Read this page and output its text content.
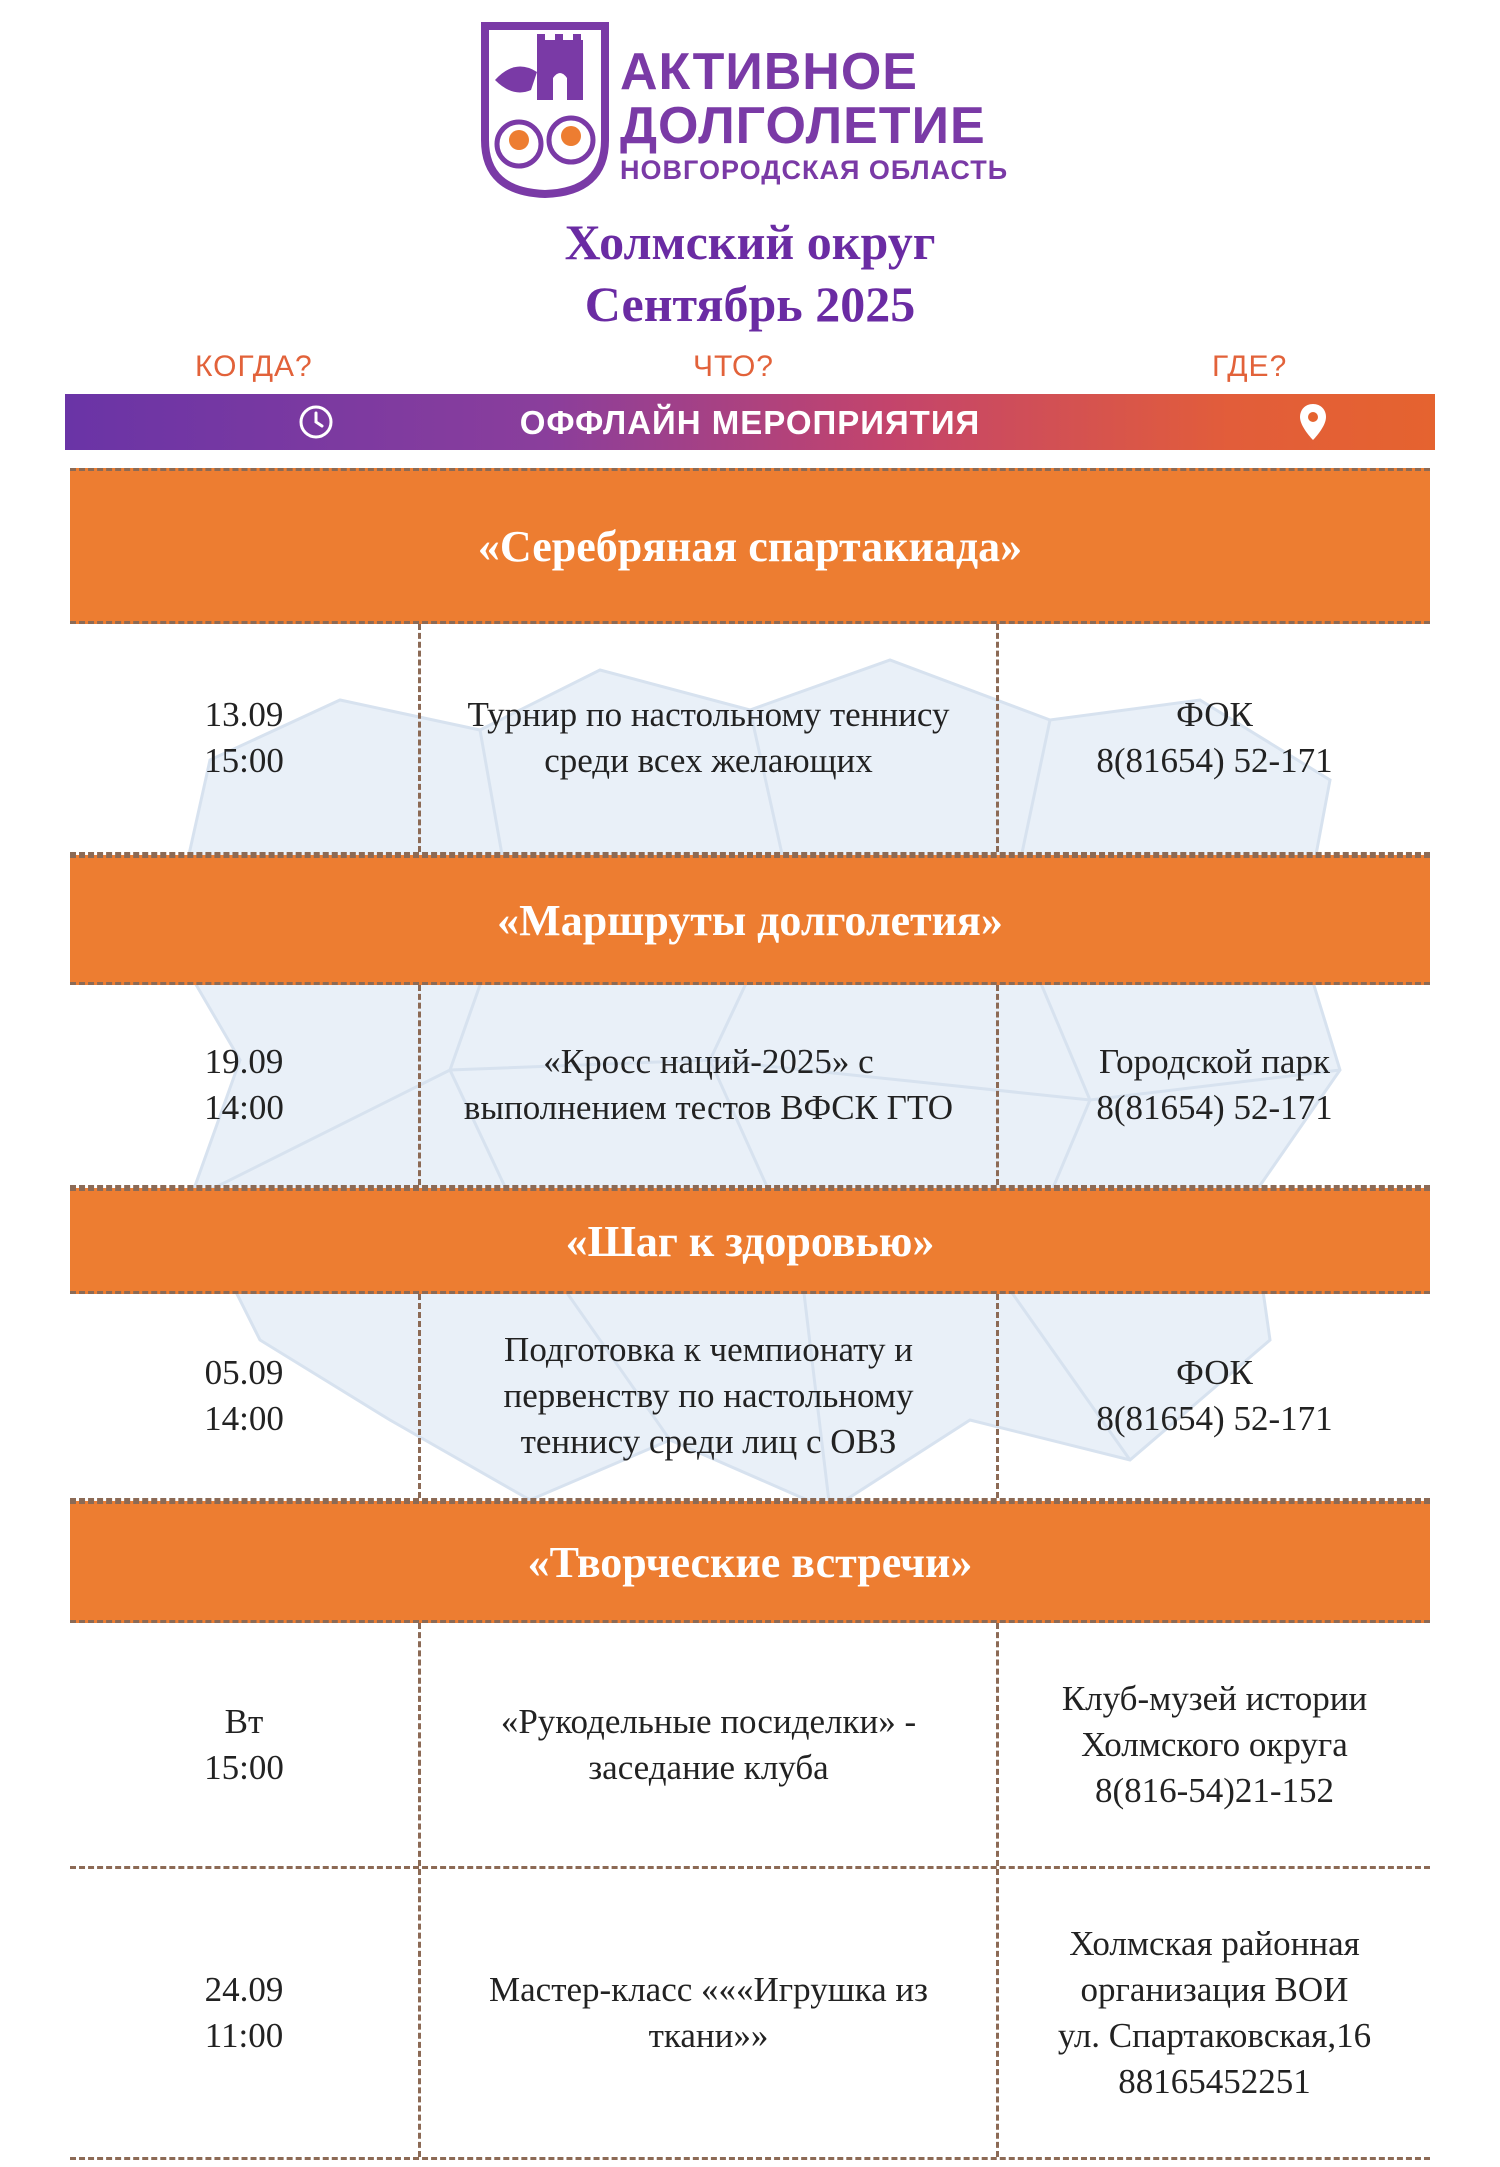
АКТИВНОЕ
ДОЛГОЛЕТИЕ
НОВГОРОДСКАЯ ОБЛАСТЬ
Холмский округ
Сентябрь 2025
КОГДА?	ЧТО?	ГДЕ?
ОФФЛАЙН МЕРОПРИЯТИЯ
«Серебряная спартакиада»
13.09
15:00
Турнир по настольному теннису
среди всех желающих
ФОК
8(81654) 52-171
«Маршруты долголетия»
19.09
14:00
«Кросс наций-2025» с
выполнением тестов ВФСК ГТО
Городской парк
8(81654) 52-171
«Шаг к здоровью»
05.09
14:00
Подготовка к чемпионату и
первенству по настольному
теннису среди лиц с ОВЗ
ФОК
8(81654) 52-171
«Творческие встречи»
Вт
15:00
«Рукодельные посиделки» -
заседание клуба
Клуб-музей истории
Холмского округа
8(816-54)21-152
24.09
11:00
Мастер-класс «««Игрушка из
ткани»»
Холмская районная
организация ВОИ
ул. Спартаковская,16
88165452251
